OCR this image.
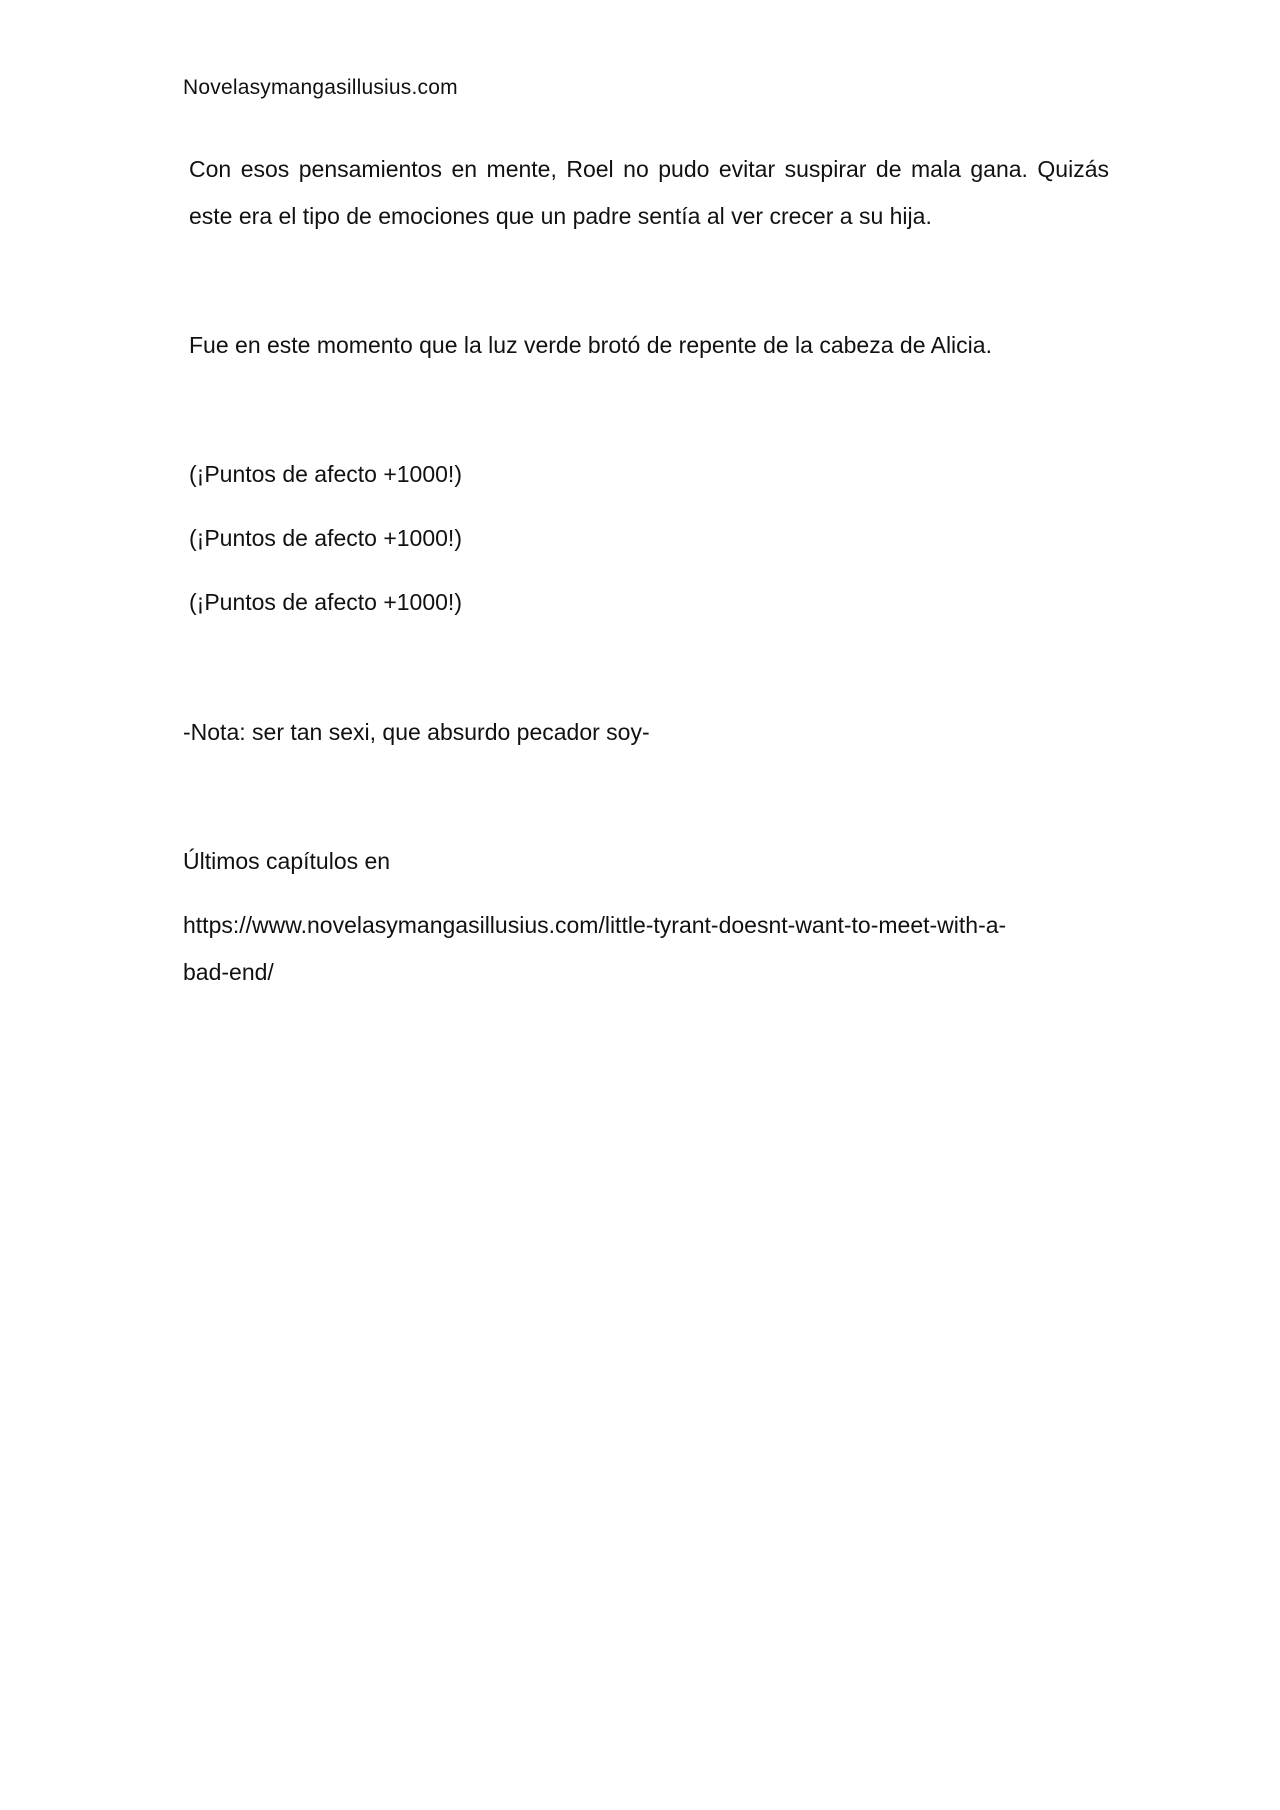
Novelasymangasillusius.com

Con esos pensamientos en mente, Roel no pudo evitar suspirar de mala gana. Quizás este era el tipo de emociones que un padre sentía al ver crecer a su hija.

Fue en este momento que la luz verde brotó de repente de la cabeza de Alicia.

(¡Puntos de afecto +1000!)

(¡Puntos de afecto +1000!)

(¡Puntos de afecto +1000!)

-Nota: ser tan sexi, que absurdo pecador soy-

Últimos capítulos en

https://www.novelasymangasillusius.com/little-tyrant-doesnt-want-to-meet-with-a-
bad-end/
